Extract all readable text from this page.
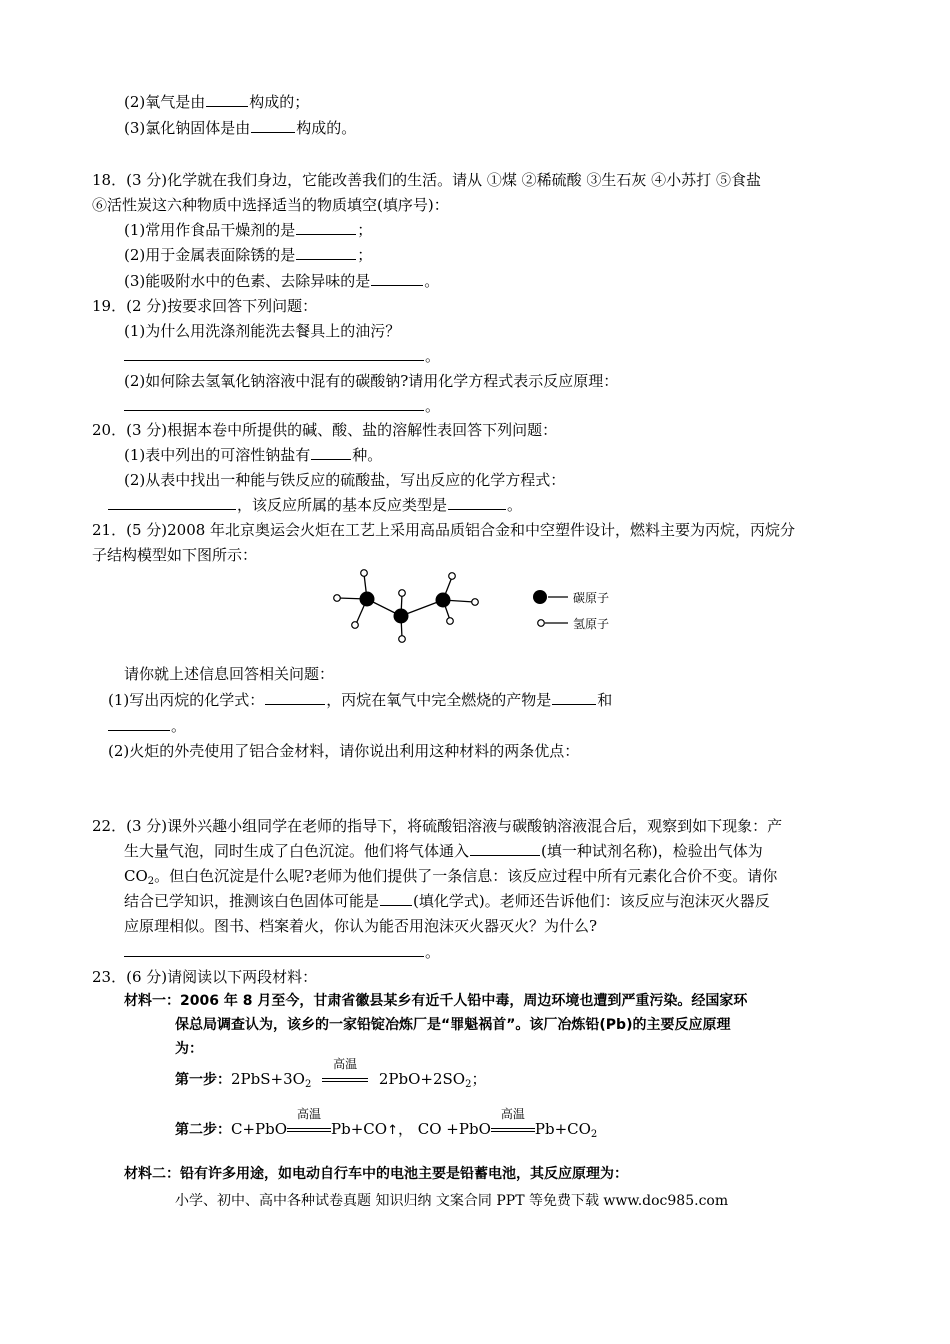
(2)氧气是由	构成的；
(3)氯化钠固体是由	构成的。
18．(3 分)化学就在我们身边，它能改善我们的生活。请从 ①煤 ②稀硫酸 ③生石灰 ④小苏打 ⑤食盐
⑥活性炭这六种物质中选择适当的物质填空(填序号)：
(1)常用作食品干燥剂的是	；
(2)用于金属表面除锈的是	；
(3)能吸附水中的色素、去除异味的是	。
19．(2 分)按要求回答下列问题：
(1)为什么用洗涤剂能洗去餐具上的油污？
。
(2)如何除去氢氧化钠溶液中混有的碳酸钠?请用化学方程式表示反应原理：
。
20．(3 分)根据本卷中所提供的碱、酸、盐的溶解性表回答下列问题：
(1)表中列出的可溶性钠盐有	种。
(2)从表中找出一种能与铁反应的硫酸盐，写出反应的化学方程式：
，该反应所属的基本反应类型是	。
21．(5 分)2008 年北京奥运会火炬在工艺上采用高品质铝合金和中空塑件设计，燃料主要为丙烷，丙烷分
子结构模型如下图所示：
碳原子
氢原子
请你就上述信息回答相关问题：
(1)写出丙烷的化学式：	，丙烷在氧气中完全燃烧的产物是	和
。
(2)火炬的外壳使用了铝合金材料，请你说出利用这种材料的两条优点：
22．(3 分)课外兴趣小组同学在老师的指导下，将硫酸铝溶液与碳酸钠溶液混合后，观察到如下现象：产
生大量气泡，同时生成了白色沉淀。他们将气体通入	(填一种试剂名称)，检验出气体为
$CO_2$。但白色沉淀是什么呢?老师为他们提供了一条信息：该反应过程中所有元素化合价不变。请你
结合已学知识，推测该白色固体可能是 (填化学式)。老师还告诉他们：该反应与泡沫灭火器反
应原理相似。图书、档案着火，你认为能否用泡沫灭火器灭火？为什么?
。
23．(6 分)请阅读以下两段材料：
材料一：2006 年 8 月至今，甘肃省徽县某乡有近千人铅中毒，周边环境也遭到严重污染。经国家环
保总局调查认为，该乡的一家铅锭冶炼厂是“罪魁祸首”。该厂冶炼铅(Pb)的主要反应原理
为：
第一步：$2PbS+3O_2$
高温
$2PbO+2SO_2$；
第二步：C+PbO
高温
Pb+CO↑， CO +PbO
高温
$Pb+CO_2$
材料二：铅有许多用途，如电动自行车中的电池主要是铅蓄电池，其反应原理为：
小学、初中、高中各种试卷真题 知识归纳 文案合同 PPT 等免费下载 www.doc985.com
